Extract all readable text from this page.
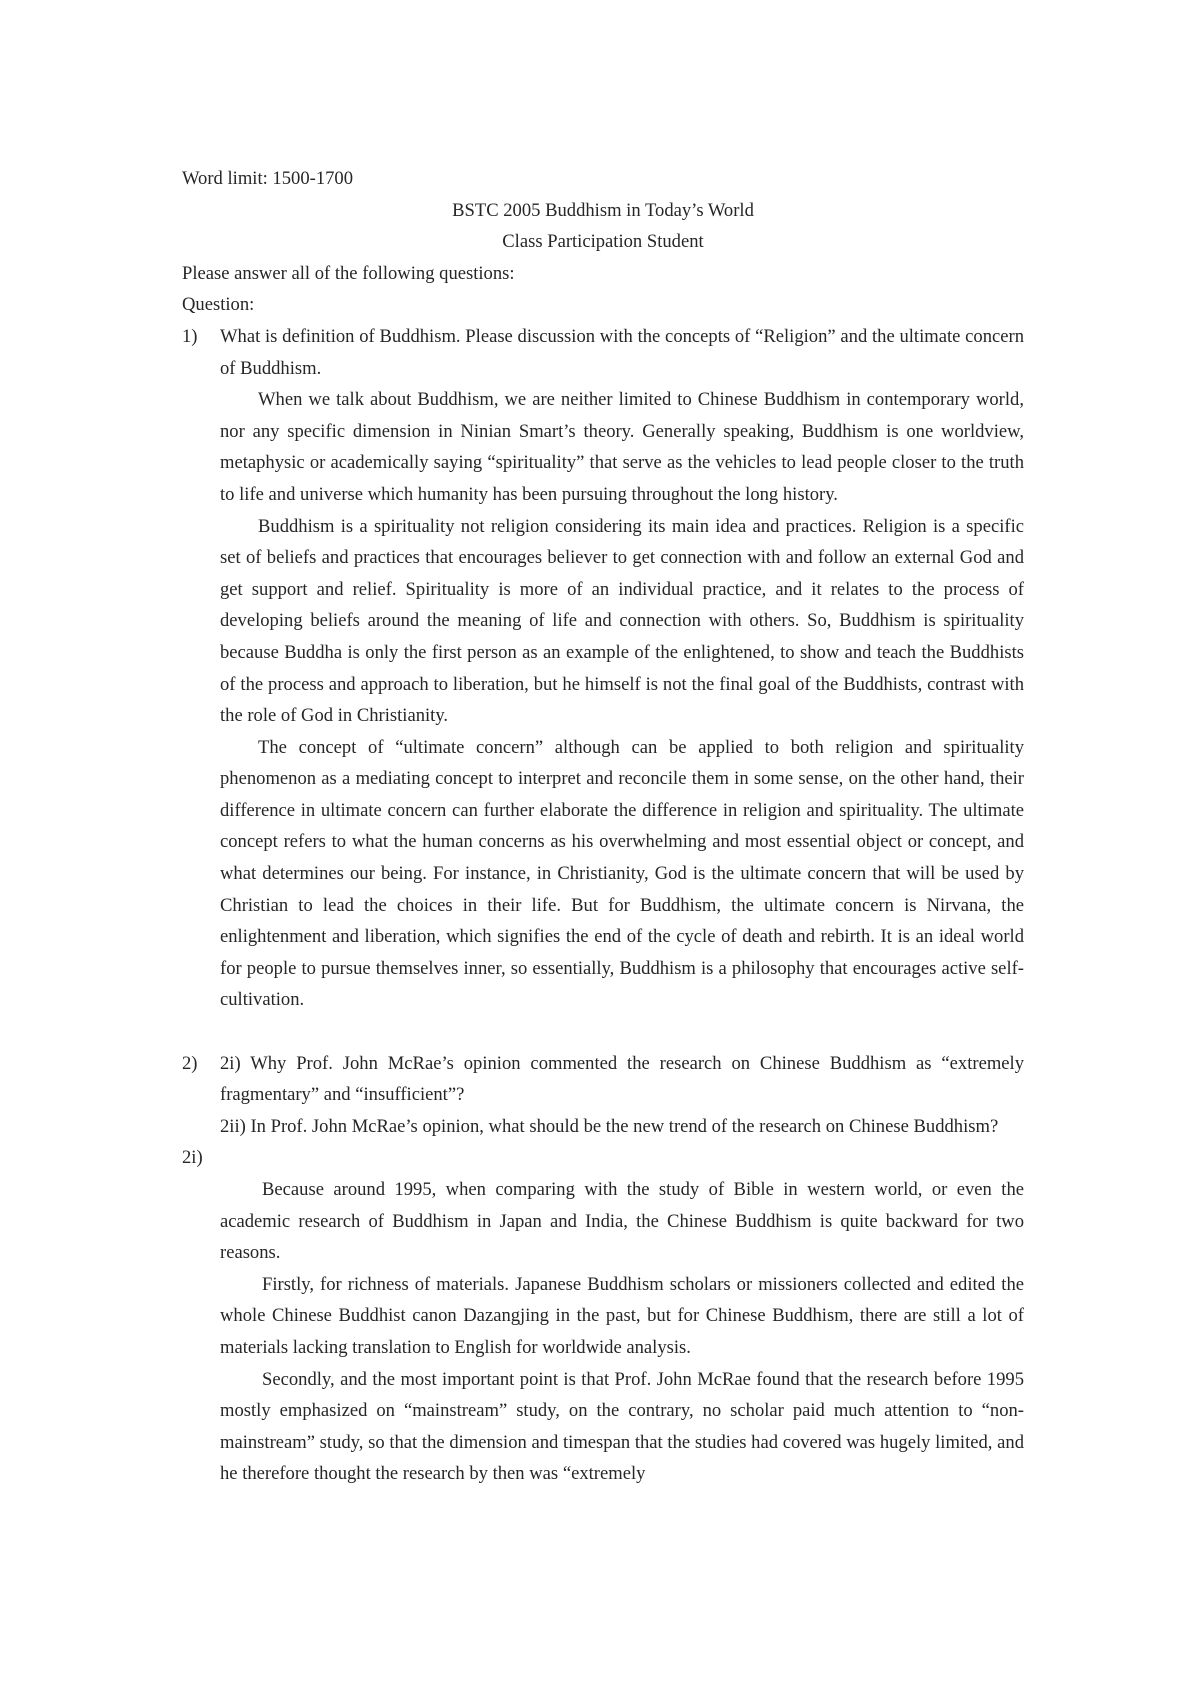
Word limit: 1500-1700

BSTC 2005 Buddhism in Today’s World

Class Participation Student

Please answer all of the following questions:

Question:

1)	What is definition of Buddhism. Please discussion with the concepts of “Religion” and the ultimate concern of Buddhism.

When we talk about Buddhism, we are neither limited to Chinese Buddhism in contemporary world, nor any specific dimension in Ninian Smart’s theory. Generally speaking, Buddhism is one worldview, metaphysic or academically saying “spirituality” that serve as the vehicles to lead people closer to the truth to life and universe which humanity has been pursuing throughout the long history.

Buddhism is a spirituality not religion considering its main idea and practices. Religion is a specific set of beliefs and practices that encourages believer to get connection with and follow an external God and get support and relief. Spirituality is more of an individual practice, and it relates to the process of developing beliefs around the meaning of life and connection with others. So, Buddhism is spirituality because Buddha is only the first person as an example of the enlightened, to show and teach the Buddhists of the process and approach to liberation, but he himself is not the final goal of the Buddhists, contrast with the role of God in Christianity.

The concept of “ultimate concern” although can be applied to both religion and spirituality phenomenon as a mediating concept to interpret and reconcile them in some sense, on the other hand, their difference in ultimate concern can further elaborate the difference in religion and spirituality. The ultimate concept refers to what the human concerns as his overwhelming and most essential object or concept, and what determines our being. For instance, in Christianity, God is the ultimate concern that will be used by Christian to lead the choices in their life. But for Buddhism, the ultimate concern is Nirvana, the enlightenment and liberation, which signifies the end of the cycle of death and rebirth. It is an ideal world for people to pursue themselves inner, so essentially, Buddhism is a philosophy that encourages active self-cultivation.

2)	2i) Why Prof. John McRae’s opinion commented the research on Chinese Buddhism as “extremely fragmentary” and “insufficient”?

2ii) In Prof. John McRae’s opinion, what should be the new trend of the research on Chinese Buddhism?

2i)

Because around 1995, when comparing with the study of Bible in western world, or even the academic research of Buddhism in Japan and India, the Chinese Buddhism is quite backward for two reasons.

Firstly, for richness of materials. Japanese Buddhism scholars or missioners collected and edited the whole Chinese Buddhist canon Dazangjing in the past, but for Chinese Buddhism, there are still a lot of materials lacking translation to English for worldwide analysis.

Secondly, and the most important point is that Prof. John McRae found that the research before 1995 mostly emphasized on “mainstream” study, on the contrary, no scholar paid much attention to “non-mainstream” study, so that the dimension and timespan that the studies had covered was hugely limited, and he therefore thought the research by then was “extremely
